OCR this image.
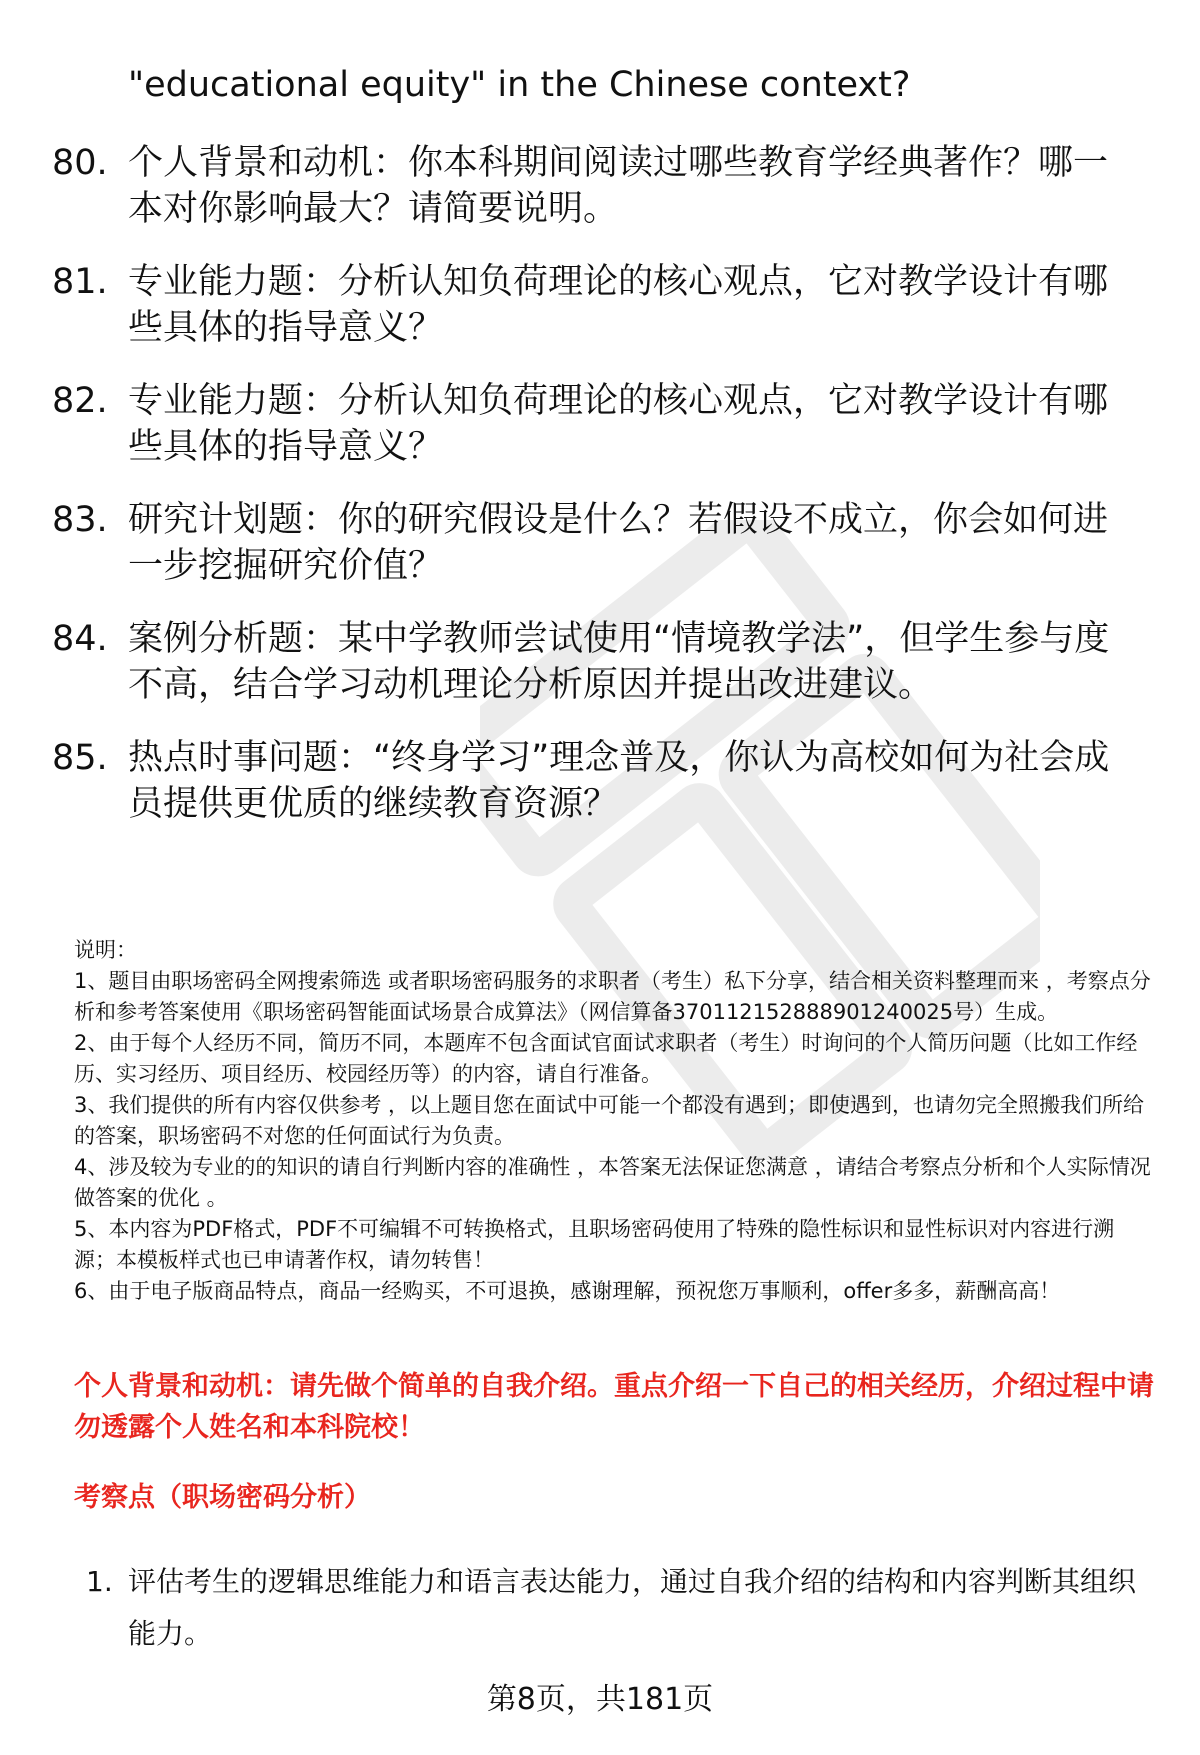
"educational equity" in the Chinese context?

80. 个人背景和动机：你本科期间阅读过哪些教育学经典著作？哪一本对你影响最大？请简要说明。
81. 专业能力题：分析认知负荷理论的核心观点，它对教学设计有哪些具体的指导意义？
82. 专业能力题：分析认知负荷理论的核心观点，它对教学设计有哪些具体的指导意义？
83. 研究计划题：你的研究假设是什么？若假设不成立，你会如何进一步挖掘研究价值？
84. 案例分析题：某中学教师尝试使用“情境教学法”，但学生参与度不高，结合学习动机理论分析原因并提出改进建议。
85. 热点时事问题：“终身学习”理念普及，你认为高校如何为社会成员提供更优质的继续教育资源？

说明：

1、题目由职场密码全网搜索筛选 或者职场密码服务的求职者（考生）私下分享，结合相关资料整理而来 ，考察点分析和参考答案使用《职场密码智能面试场景合成算法》（网信算备370112152888901240025号）生成。

2、由于每个人经历不同，简历不同，本题库不包含面试官面试求职者（考生）时询问的个人简历问题（比如工作经历、实习经历、项目经历、校园经历等）的内容，请自行准备。

3、我们提供的所有内容仅供参考 ，以上题目您在面试中可能一个都没有遇到；即使遇到，也请勿完全照搬我们所给的答案，职场密码不对您的任何面试行为负责。

4、涉及较为专业的的知识的请自行判断内容的准确性 ，本答案无法保证您满意 ，请结合考察点分析和个人实际情况做答案的优化 。

5、本内容为PDF格式，PDF不可编辑不可转换格式，且职场密码使用了特殊的隐性标识和显性标识对内容进行溯源；本模板样式也已申请著作权，请勿转售！

6、由于电子版商品特点，商品一经购买，不可退换，感谢理解，预祝您万事顺利，offer多多，薪酬高高！

个人背景和动机：请先做个简单的自我介绍。重点介绍一下自己的相关经历，介绍过程中请勿透露个人姓名和本科院校！

考察点（职场密码分析）

1. 评估考生的逻辑思维能力和语言表达能力，通过自我介绍的结构和内容判断其组织能力。

第8页，共181页
